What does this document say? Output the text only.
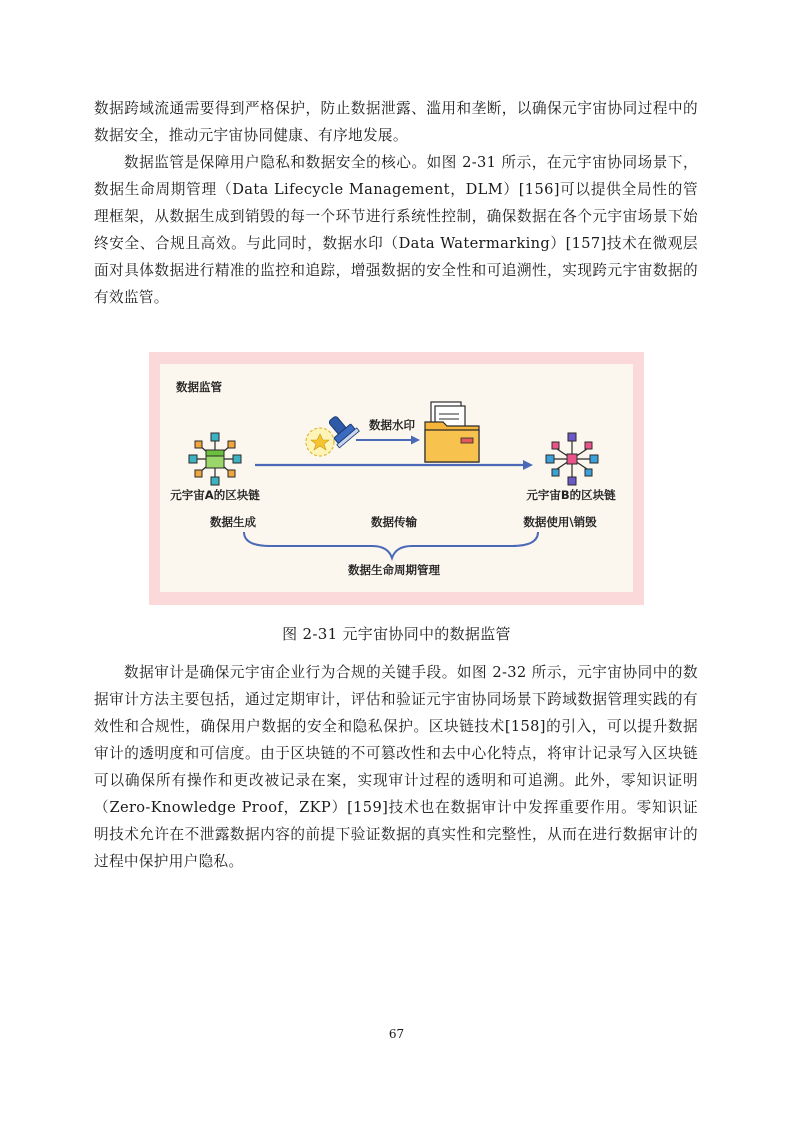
数据跨域流通需要得到严格保护，防止数据泄露、滥用和垄断，以确保元宇宙协同过程中的数据安全，推动元宇宙协同健康、有序地发展。

数据监管是保障用户隐私和数据安全的核心。如图 2-31 所示，在元宇宙协同场景下，数据生命周期管理（Data Lifecycle Management，DLM）[156]可以提供全局性的管理框架，从数据生成到销毁的每一个环节进行系统性控制，确保数据在各个元宇宙场景下始终安全、合规且高效。与此同时，数据水印（Data Watermarking）[157]技术在微观层面对具体数据进行精准的监控和追踪，增强数据的安全性和可追溯性，实现跨元宇宙数据的有效监管。

数据监管
数据水印
元宇宙A的区块链	元宇宙B的区块链
数据生成	数据传输	数据使用\销毁
数据生命周期管理

图 2-31 元宇宙协同中的数据监管

数据审计是确保元宇宙企业行为合规的关键手段。如图 2-32 所示，元宇宙协同中的数据审计方法主要包括，通过定期审计，评估和验证元宇宙协同场景下跨域数据管理实践的有效性和合规性，确保用户数据的安全和隐私保护。区块链技术[158]的引入，可以提升数据审计的透明度和可信度。由于区块链的不可篡改性和去中心化特点，将审计记录写入区块链可以确保所有操作和更改被记录在案，实现审计过程的透明和可追溯。此外，零知识证明（Zero-Knowledge Proof，ZKP）[159]技术也在数据审计中发挥重要作用。零知识证明技术允许在不泄露数据内容的前提下验证数据的真实性和完整性，从而在进行数据审计的过程中保护用户隐私。

67
